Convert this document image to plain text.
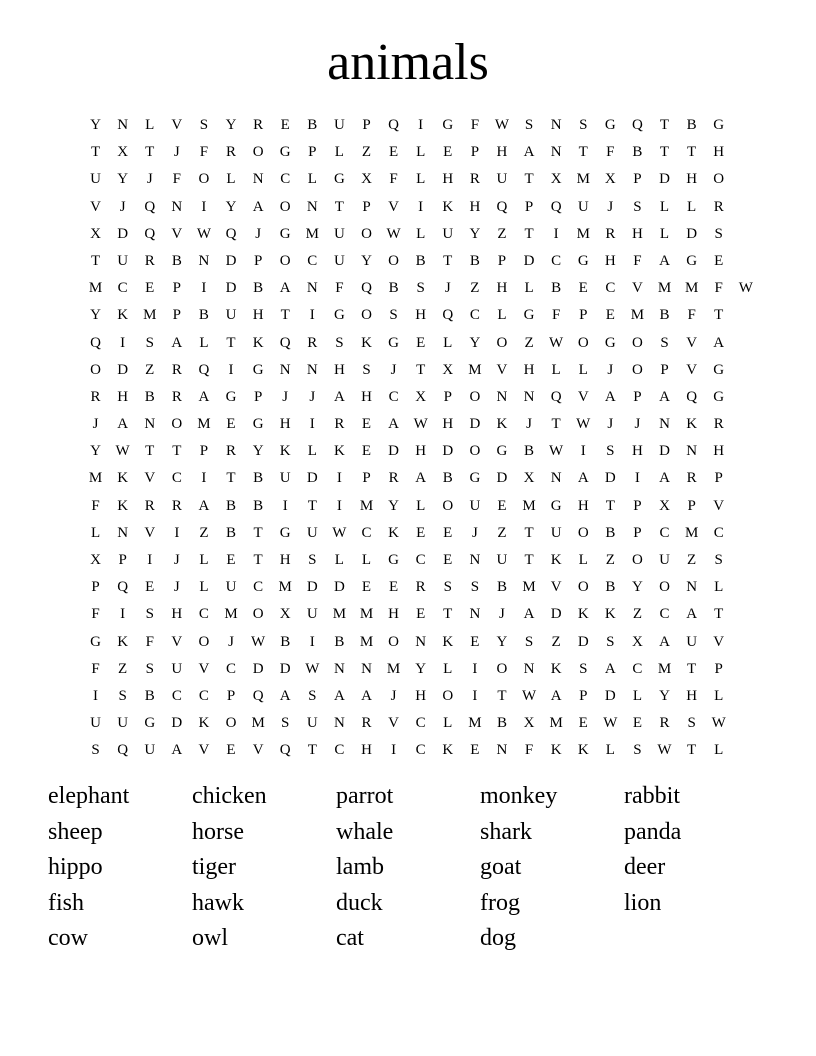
animals
Y	N	L	V	S	Y	R	E	B	U	P	Q	I	G	F	W	S	N	S	G	Q	T	B	G
T	X	T	J	F	R	O	G	P	L	Z	E	L	E	P	H	A	N	T	F	B	T	T	H
U	Y	J	F	O	L	N	C	L	G	X	F	L	H	R	U	T	X	M	X	P	D	H	O
V	J	Q	N	I	Y	A	O	N	T	P	V	I	K	H	Q	P	Q	U	J	S	L	L	R
X	D	Q	V W Q	J	G	M	U	O W	L	U	Y	Z	T	I	M	R	H	L	D	S
T	U	R	B	N	D	P	O	C	U	Y	O	B	T	B	P	D	C	G	H	F	A	G	E
M	C	E	P	I	D	B	A	N	F	Q	B	S	J	Z	H	L	B	E	C	V	M M	F	W
Y	K	M	P	B	U	H	T	I	G	O	S	H	Q	C	L	G	F	P	E	M	B	F	T
Q	I	S	A	L	T	K	Q	R	S	K	G	E	L	Y	O	Z	W O	G	O	S	V	A
O	D	Z	R	Q	I	G	N	N	H	S	J	T	X	M	V	H	L	L	J	O	P	V	G
R	H	B	R	A	G	P	J	J	A	H	C	X	P	O	N	N	Q	V	A	P	A	Q	G
J	A	N	O	M	E	G	H	I	R	E	A W H	D	K	J	T	W	J	J	N	K	R
Y W	T	T	P	R	Y	K	L	K	E	D	H	D	O	G	B	W	I	S	H	D	N	H
M	K	V	C	I	T	B	U	D	I	P	R	A	B	G	D	X	N	A	D	I	A	R	P
F	K	R	R	A	B	B	I	T	I	M	Y	L	O	U	E	M	G	H	T	P	X	P	V
L	N	V	I	Z	B	T	G	U W	C	K	E	E	J	Z	T	U	O	B	P	C	M	C
X	P	I	J	L	E	T	H	S	L	L	G	C	E	N	U	T	K	L	Z	O	U	Z	S
P	Q	E	J	L	U	C	M	D	D	E	E	R	S	S	B	M	V	O	B	Y	O	N	L
F	I	S	H	C	M	O	X	U	M M	H	E	T	N	J	A	D	K	K	Z	C	A	T
G	K	F	V	O	J	W	B	I	B	M	O	N	K	E	Y	S	Z	D	S	X	A	U	V
F	Z	S	U	V	C	D	D W N	N	M	Y	L	I	O	N	K	S	A	C	M	T	P
I	S	B	C	C	P	Q	A	S	A	A	J	H	O	I	T	W A	P	D	L	Y	H	L
U	U	G	D	K	O	M	S	U	N	R	V	C	L	M	B	X	M	E	W	E	R	S	W
S	Q	U	A	V	E	V	Q	T	C	H	I	C	K	E	N	F	K	K	L	S	W	T	L
elephant	chicken	parrot	monkey	rabbit
sheep	horse	whale	shark	panda
hippo	tiger	lamb	goat	deer
fish	hawk	duck	frog	lion
cow	owl	cat	dog
